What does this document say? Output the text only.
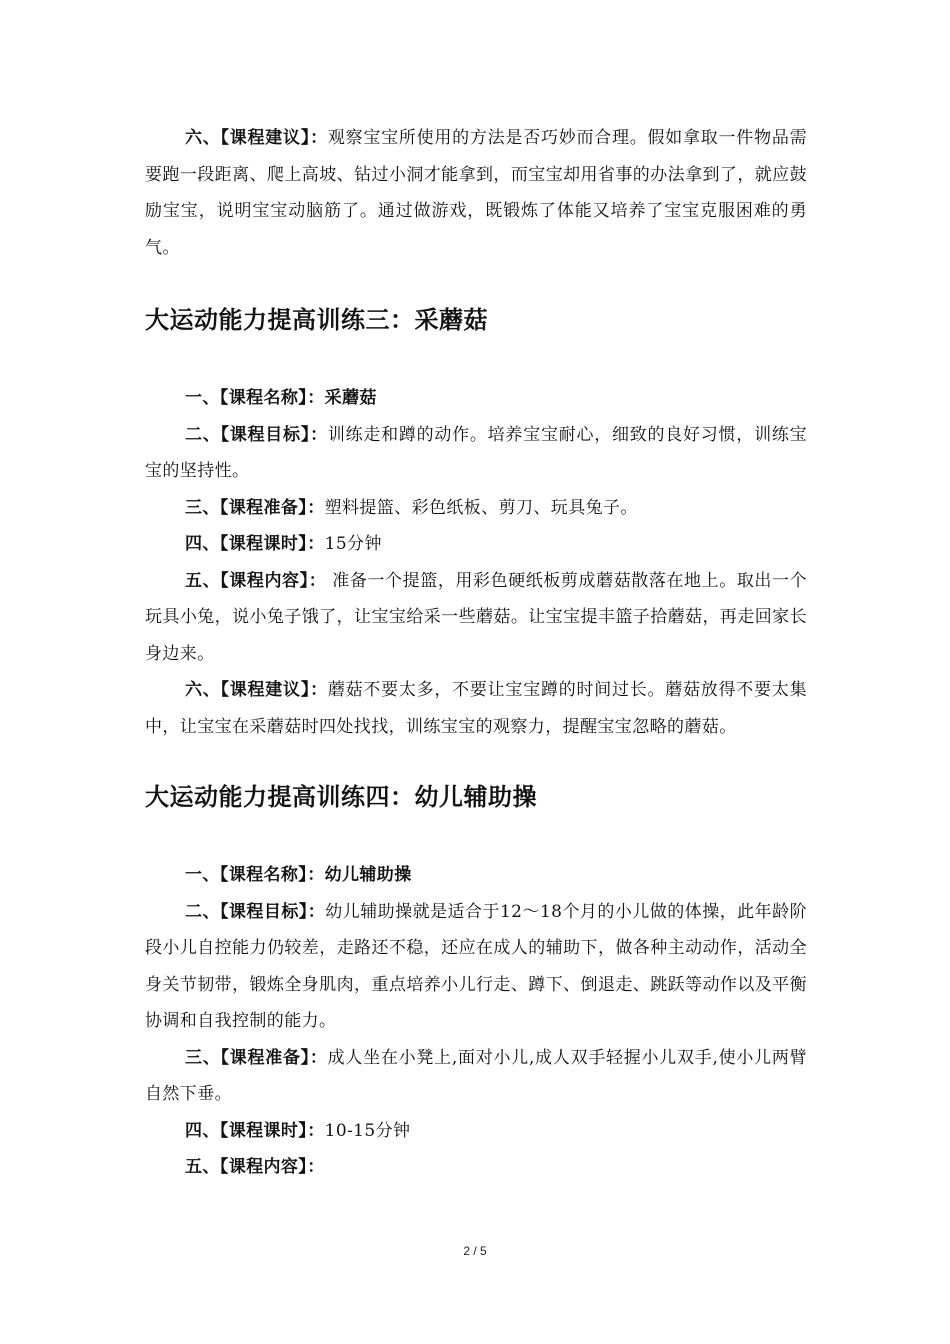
六、【课程建议】：观察宝宝所使用的方法是否巧妙而合理。假如拿取一件物品需要跑一段距离、爬上高坡、钻过小洞才能拿到，而宝宝却用省事的办法拿到了，就应鼓励宝宝，说明宝宝动脑筋了。通过做游戏，既锻炼了体能又培养了宝宝克服困难的勇气。

大运动能力提高训练三：采蘑菇

一、【课程名称】：采蘑菇

二、【课程目标】：训练走和蹲的动作。培养宝宝耐心，细致的良好习惯，训练宝宝的坚持性。

三、【课程准备】：塑料提篮、彩色纸板、剪刀、玩具兔子。

四、【课程课时】：15分钟

五、【课程内容】： 准备一个提篮，用彩色硬纸板剪成蘑菇散落在地上。取出一个玩具小兔，说小兔子饿了，让宝宝给采一些蘑菇。让宝宝提丰篮子拾蘑菇，再走回家长身边来。

六、【课程建议】：蘑菇不要太多，不要让宝宝蹲的时间过长。蘑菇放得不要太集中，让宝宝在采蘑菇时四处找找，训练宝宝的观察力，提醒宝宝忽略的蘑菇。

大运动能力提高训练四：幼儿辅助操

一、【课程名称】：幼儿辅助操

二、【课程目标】：幼儿辅助操就是适合于12～18个月的小儿做的体操，此年龄阶段小儿自控能力仍较差，走路还不稳，还应在成人的辅助下，做各种主动动作，活动全身关节韧带，锻炼全身肌肉，重点培养小儿行走、蹲下、倒退走、跳跃等动作以及平衡协调和自我控制的能力。

三、【课程准备】：成人坐在小凳上,面对小儿,成人双手轻握小儿双手,使小儿两臂自然下垂。

四、【课程课时】：10-15分钟

五、【课程内容】：

2 / 5
